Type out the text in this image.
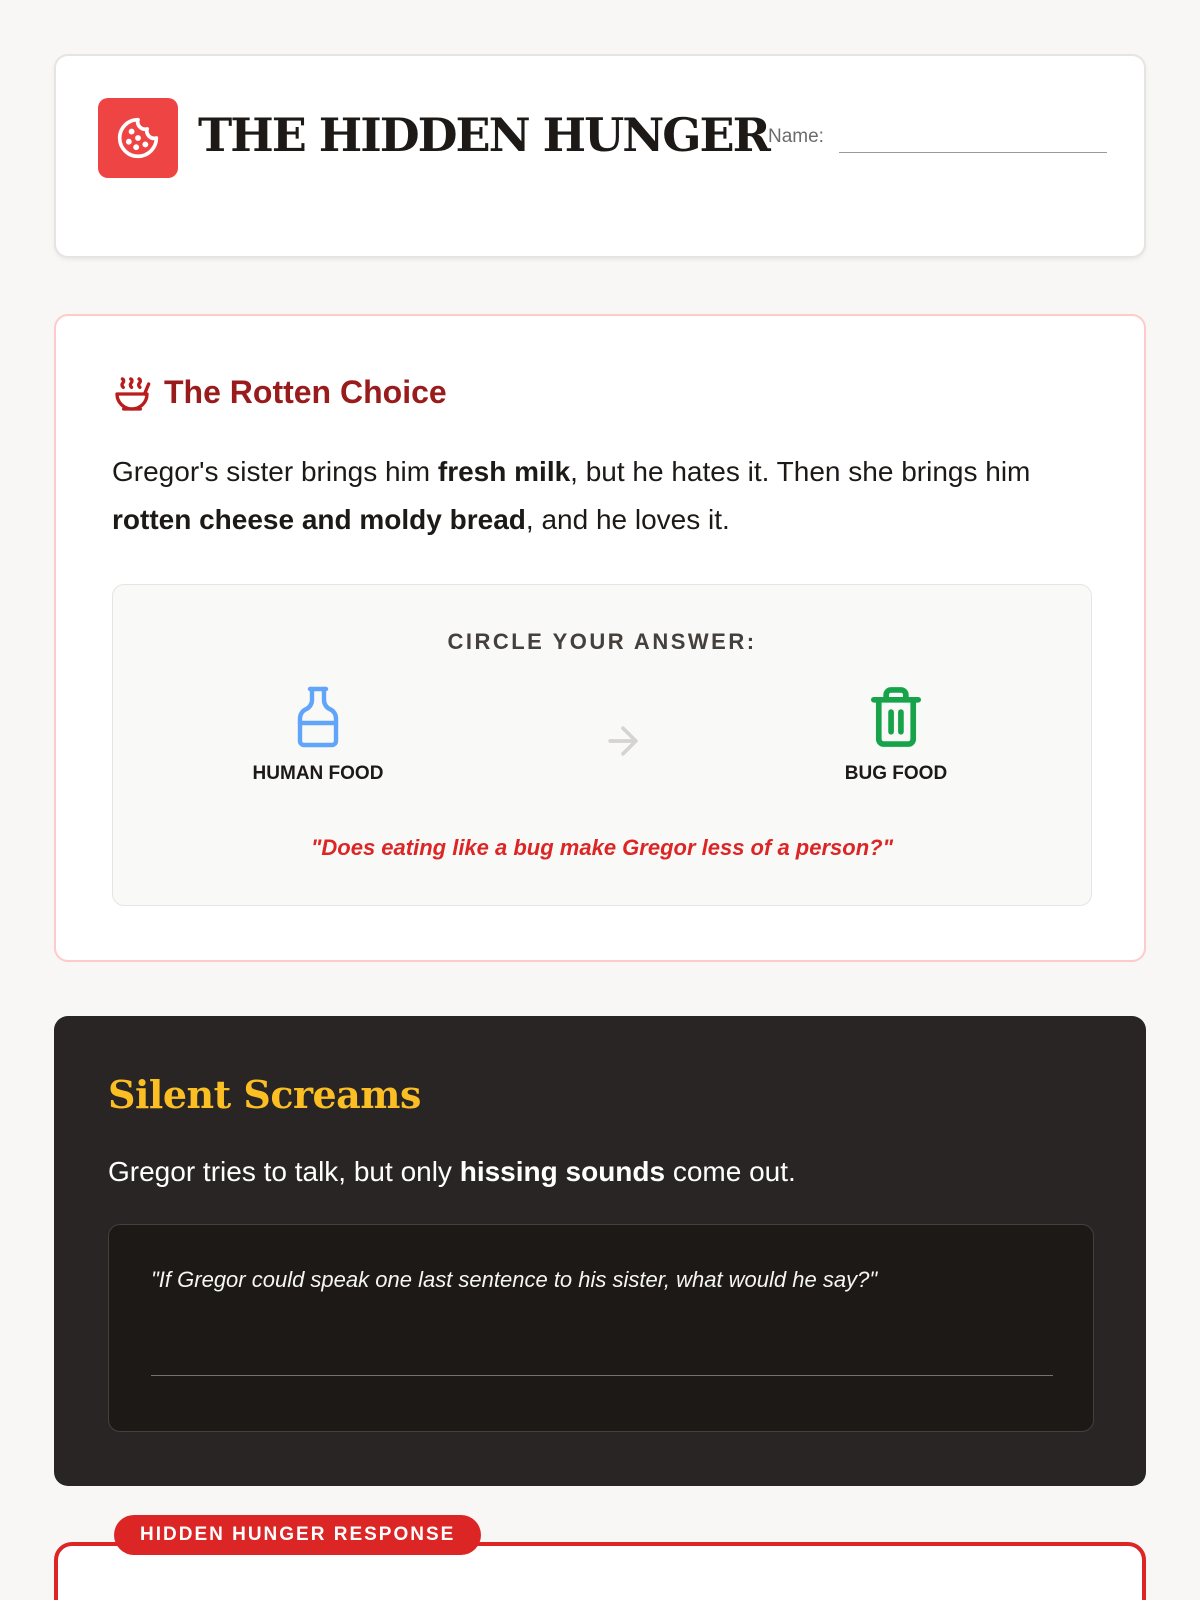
THE HIDDEN HUNGER Name:
The Rotten Choice

Gregor's sister brings him fresh milk, but he hates it. Then she brings him rotten cheese and moldy bread, and he loves it.

CIRCLE YOUR ANSWER:
HUMAN FOOD	BUG FOOD
"Does eating like a bug make Gregor less of a person?"
Silent Screams

Gregor tries to talk, but only hissing sounds come out.

"If Gregor could speak one last sentence to his sister, what would he say?"
HIDDEN HUNGER RESPONSE
